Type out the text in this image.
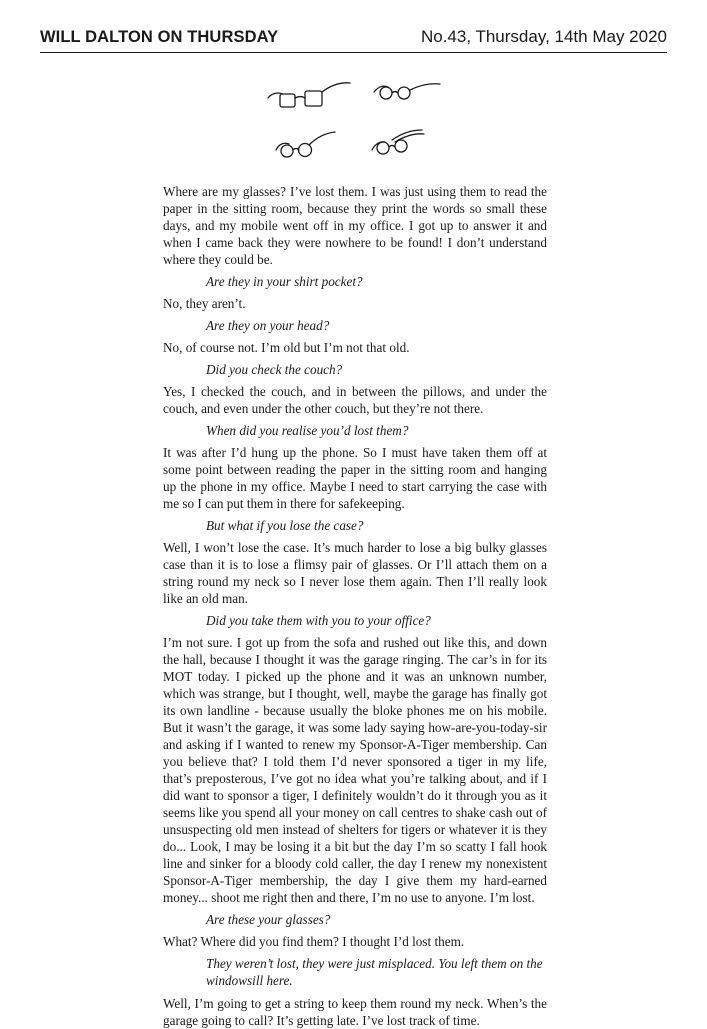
WILL DALTON ON THURSDAY	No.43, Thursday, 14th May 2020

Where are my glasses? I’ve lost them. I was just using them to read the paper in the sitting room, because they print the words so small these days, and my mobile went off in my office. I got up to answer it and when I came back they were nowhere to be found! I don’t understand where they could be.

Are they in your shirt pocket?

No, they aren’t.

Are they on your head?

No, of course not. I’m old but I’m not that old.

Did you check the couch?

Yes, I checked the couch, and in between the pillows, and under the couch, and even under the other couch, but they’re not there.

When did you realise you’d lost them?

It was after I’d hung up the phone. So I must have taken them off at some point between reading the paper in the sitting room and hanging up the phone in my office. Maybe I need to start carrying the case with me so I can put them in there for safekeeping.

But what if you lose the case?

Well, I won’t lose the case. It’s much harder to lose a big bulky glasses case than it is to lose a flimsy pair of glasses. Or I’ll attach them on a string round my neck so I never lose them again. Then I’ll really look like an old man.

Did you take them with you to your office?

I’m not sure. I got up from the sofa and rushed out like this, and down the hall, because I thought it was the garage ringing. The car’s in for its MOT today. I picked up the phone and it was an unknown number, which was strange, but I thought, well, maybe the garage has finally got its own landline - because usually the bloke phones me on his mobile. But it wasn’t the garage, it was some lady saying how-are-you-today-sir and asking if I wanted to renew my Sponsor-A-Tiger membership. Can you believe that? I told them I’d never sponsored a tiger in my life, that’s preposterous, I’ve got no idea what you’re talking about, and if I did want to sponsor a tiger, I definitely wouldn’t do it through you as it seems like you spend all your money on call centres to shake cash out of unsuspecting old men instead of shelters for tigers or whatever it is they do... Look, I may be losing it a bit but the day I’m so scatty I fall hook line and sinker for a bloody cold caller, the day I renew my nonexistent Sponsor-A-Tiger membership, the day I give them my hard-earned money... shoot me right then and there, I’m no use to anyone. I’m lost.

Are these your glasses?

What? Where did you find them? I thought I’d lost them.

They weren’t lost, they were just misplaced. You left them on the windowsill here.

Well, I’m going to get a string to keep them round my neck. When’s the garage going to call? It’s getting late. I’ve lost track of time.
